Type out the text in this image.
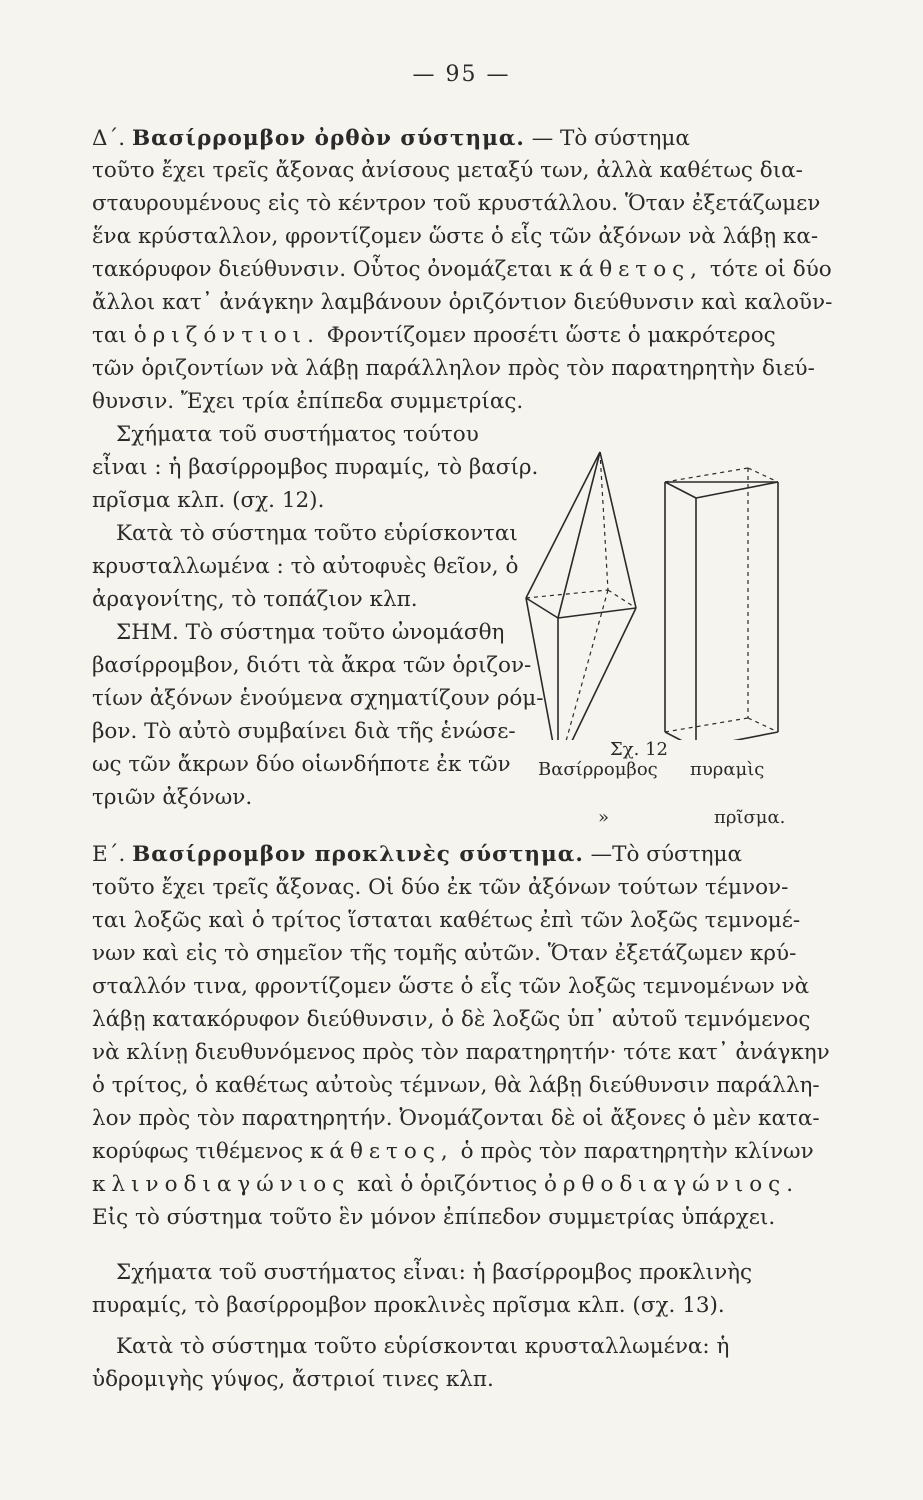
— 95 —
Δ΄. Βασίρρομβον ὀρθὸν σύστημα. — Τὸ σύστημα
τοῦτο ἔχει τρεῖς ἄξονας ἀνίσους μεταξύ των, ἀλλὰ καθέτως δια-
σταυρουμένους εἰς τὸ κέντρον τοῦ κρυστάλλου. Ὅταν ἐξετάζωμεν
ἕνα κρύσταλλον, φροντίζομεν ὥστε ὁ εἷς τῶν ἀξόνων νὰ λάβῃ κα-
τακόρυφον διεύθυνσιν. Οὗτος ὀνομάζεται κάθετος, τότε οἱ δύο
ἄλλοι κατ᾽ ἀνάγκην λαμβάνουν ὁριζόντιον διεύθυνσιν καὶ καλοῦν-
ται ὁριζόντιοι. Φροντίζομεν προσέτι ὥστε ὁ μακρότερος
τῶν ὁριζοντίων νὰ λάβῃ παράλληλον πρὸς τὸν παρατηρητὴν διεύ-
θυνσιν. Ἔχει τρία ἐπίπεδα συμμετρίας.
Σχήματα τοῦ συστήματος τούτου
εἶναι : ἡ βασίρρομβος πυραμίς, τὸ βασίρ.
πρῖσμα κλπ. (σχ. 12).
Κατὰ τὸ σύστημα τοῦτο εὑρίσκονται
κρυσταλλωμένα : τὸ αὐτοφυὲς θεῖον, ὁ
ἀραγονίτης, τὸ τοπάζιον κλπ.
ΣΗΜ. Τὸ σύστημα τοῦτο ὠνομάσθη
βασίρρομβον, διότι τὰ ἄκρα τῶν ὁριζον-
τίων ἀξόνων ἑνούμενα σχηματίζουν ρόμ-
βον. Τὸ αὐτὸ συμβαίνει διὰ τῆς ἑνώσε-
ως τῶν ἄκρων δύο οἱωνδήποτε ἐκ τῶν
τριῶν ἀξόνων.
Σχ. 12
Βασίρρομβος πυραμὶς
»	πρῖσμα.
Ε΄. Βασίρρομβον προκλινὲς σύστημα. —Τὸ σύστημα
τοῦτο ἔχει τρεῖς ἄξονας. Οἱ δύο ἐκ τῶν ἀξόνων τούτων τέμνον-
ται λοξῶς καὶ ὁ τρίτος ἵσταται καθέτως ἐπὶ τῶν λοξῶς τεμνομέ-
νων καὶ εἰς τὸ σημεῖον τῆς τομῆς αὐτῶν. Ὅταν ἐξετάζωμεν κρύ-
σταλλόν τινα, φροντίζομεν ὥστε ὁ εἷς τῶν λοξῶς τεμνομένων νὰ
λάβῃ κατακόρυφον διεύθυνσιν, ὁ δὲ λοξῶς ὑπ᾽ αὐτοῦ τεμνόμενος
νὰ κλίνῃ διευθυνόμενος πρὸς τὸν παρατηρητήν· τότε κατ᾽ ἀνάγκην
ὁ τρίτος, ὁ καθέτως αὐτοὺς τέμνων, θὰ λάβῃ διεύθυνσιν παράλλη-
λον πρὸς τὸν παρατηρητήν. Ὀνομάζονται δὲ οἱ ἄξονες ὁ μὲν κατα-
κορύφως τιθέμενος κάθετος, ὁ πρὸς τὸν παρατηρητὴν κλίνων
κλινοδιαγώνιος καὶ ὁ ὁριζόντιος ὀρθοδιαγώνιος.
Εἰς τὸ σύστημα τοῦτο ἓν μόνον ἐπίπεδον συμμετρίας ὑπάρχει.
Σχήματα τοῦ συστήματος εἶναι: ἡ βασίρρομβος προκλινὴς
πυραμίς, τὸ βασίρρομβον προκλινὲς πρῖσμα κλπ. (σχ. 13).
Κατὰ τὸ σύστημα τοῦτο εὑρίσκονται κρυσταλλωμένα: ἡ
ὑδρομιγὴς γύψος, ἄστριοί τινες κλπ.
